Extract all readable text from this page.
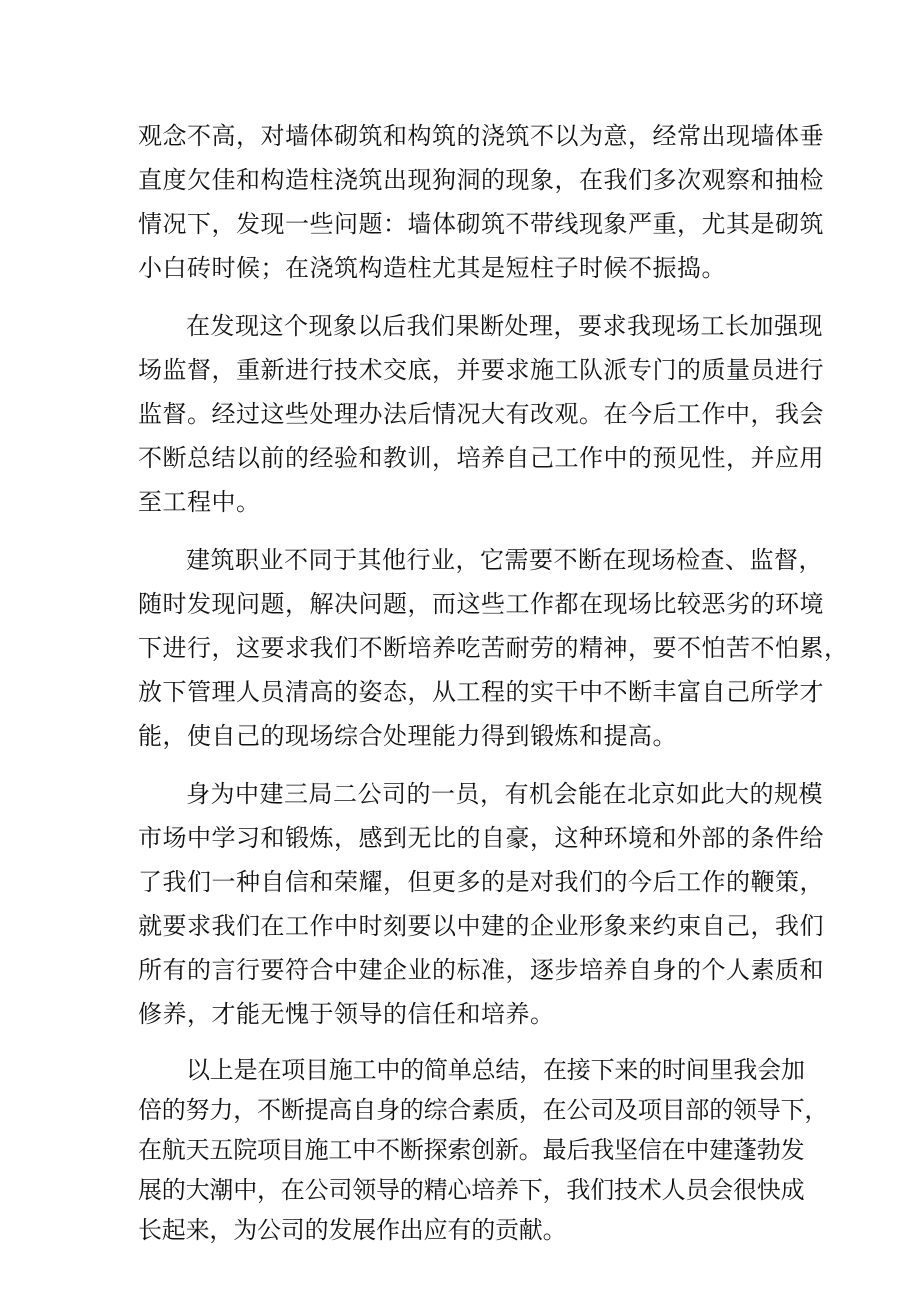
观念不高，对墙体砌筑和构筑的浇筑不以为意，经常出现墙体垂
直度欠佳和构造柱浇筑出现狗洞的现象，在我们多次观察和抽检
情况下，发现一些问题：墙体砌筑不带线现象严重，尤其是砌筑
小白砖时候；在浇筑构造柱尤其是短柱子时候不振捣。

在发现这个现象以后我们果断处理，要求我现场工长加强现
场监督，重新进行技术交底，并要求施工队派专门的质量员进行
监督。经过这些处理办法后情况大有改观。在今后工作中，我会
不断总结以前的经验和教训，培养自己工作中的预见性，并应用
至工程中。

建筑职业不同于其他行业，它需要不断在现场检查、监督，
随时发现问题，解决问题，而这些工作都在现场比较恶劣的环境
下进行，这要求我们不断培养吃苦耐劳的精神，要不怕苦不怕累，
放下管理人员清高的姿态，从工程的实干中不断丰富自己所学才
能，使自己的现场综合处理能力得到锻炼和提高。

身为中建三局二公司的一员，有机会能在北京如此大的规模
市场中学习和锻炼，感到无比的自豪，这种环境和外部的条件给
了我们一种自信和荣耀，但更多的是对我们的今后工作的鞭策，
就要求我们在工作中时刻要以中建的企业形象来约束自己，我们
所有的言行要符合中建企业的标准，逐步培养自身的个人素质和
修养，才能无愧于领导的信任和培养。

以上是在项目施工中的简单总结，在接下来的时间里我会加
倍的努力，不断提高自身的综合素质，在公司及项目部的领导下，
在航天五院项目施工中不断探索创新。最后我坚信在中建蓬勃发
展的大潮中，在公司领导的精心培养下，我们技术人员会很快成
长起来，为公司的发展作出应有的贡献。
